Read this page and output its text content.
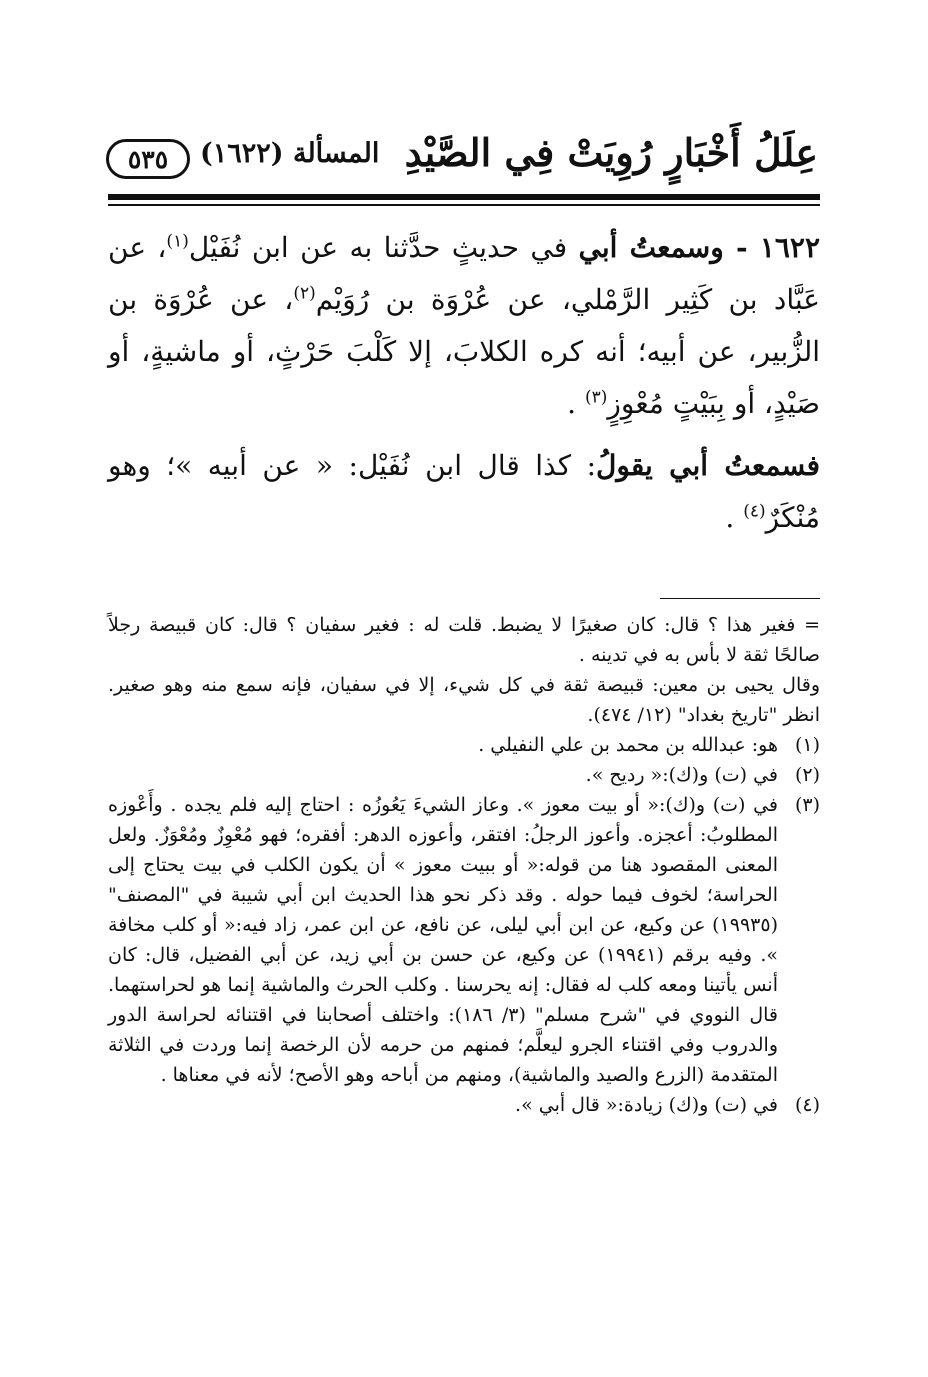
عِلَلُ أَخْبَارٍ رُوِيَتْ فِي الصَّيْدِ
المسألة (١٦٢٢)
٥٣٥

١٦٢٢ - وسمعتُ أبي في حديثٍ حدَّثنا به عن ابن نُفَيْل$^{(١)}$، عن عَبَّاد بن كَثِير الرَّمْلي، عن عُرْوَة بن رُوَيْم$^{(٢)}$، عن عُرْوَة بن الزُّبير، عن أبيه؛ أنه كره الكلابَ، إلا كَلْبَ حَرْثٍ، أو ماشيةٍ، أو صَيْدٍ، أو بِبَيْتٍ مُعْوِزٍ$^{(٣)}$ .

فسمعتُ أبي يقولُ: كذا قال ابن نُفَيْل: « عن أبيه »؛ وهو مُنْكَرٌ$^{(٤)}$ .

= فغير هذا ؟ قال: كان صغيرًا لا يضبط. قلت له : فغير سفيان ؟ قال: كان قبيصة رجلاً صالحًا ثقة لا بأس به في تدينه .

وقال يحيى بن معين: قبيصة ثقة في كل شيء، إلا في سفيان، فإنه سمع منه وهو صغير. انظر "تاريخ بغداد" (١٢/ ٤٧٤).

(١)
هو: عبدالله بن محمد بن علي النفيلي .
(٢)
في (ت) و(ك):« رديح ».
(٣)
في (ت) و(ك):« أو بيت معوز ». وعاز الشيءَ يَعُوزُه : احتاج إليه فلم يجده . وأَعْوزه المطلوبُ: أعجزه. وأعوز الرجلُ: افتقر، وأعوزه الدهر: أفقره؛ فهو مُعْوِزٌ ومُعْوَزٌ. ولعل المعنى المقصود هنا من قوله:« أو ببيت معوز » أن يكون الكلب في بيت يحتاج إلى الحراسة؛ لخوف فيما حوله . وقد ذكر نحو هذا الحديث ابن أبي شيبة في "المصنف" (١٩٩٣٥) عن وكيع، عن ابن أبي ليلى، عن نافع، عن ابن عمر، زاد فيه:« أو كلب مخافة ». وفيه برقم (١٩٩٤١) عن وكيع، عن حسن بن أبي زيد، عن أبي الفضيل، قال: كان أنس يأتينا ومعه كلب له فقال: إنه يحرسنا . وكلب الحرث والماشية إنما هو لحراستهما. قال النووي في "شرح مسلم" (٣/ ١٨٦): واختلف أصحابنا في اقتنائه لحراسة الدور والدروب وفي اقتناء الجرو ليعلَّم؛ فمنهم من حرمه لأن الرخصة إنما وردت في الثلاثة المتقدمة (الزرع والصيد والماشية)، ومنهم من أباحه وهو الأصح؛ لأنه في معناها .
(٤)
في (ت) و(ك) زيادة:« قال أبي ».
